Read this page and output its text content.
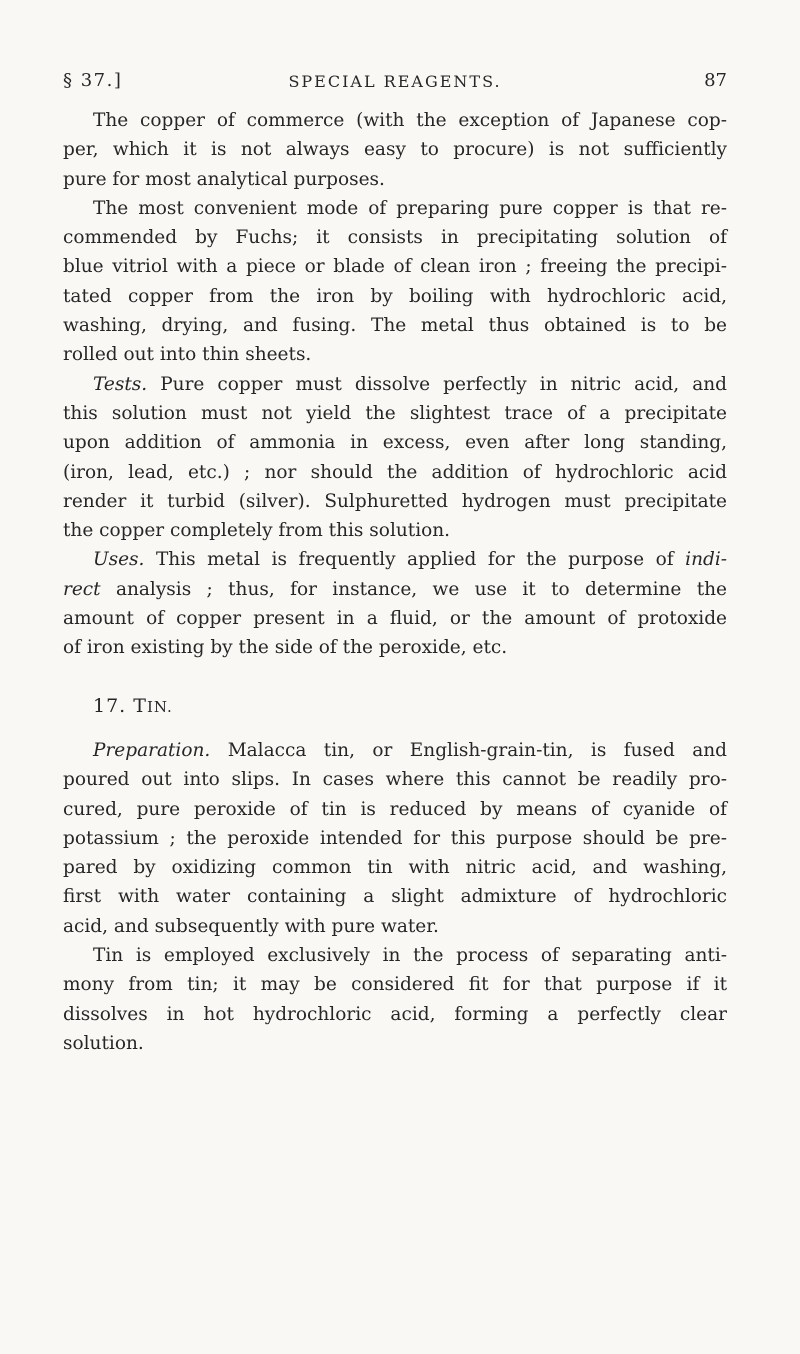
§ 37.]	SPECIAL REAGENTS.	87
The copper of commerce (with the exception of Japanese cop-
per, which it is not always easy to procure) is not sufficiently
pure for most analytical purposes.
The most convenient mode of preparing pure copper is that re-
commended by Fuchs; it consists in precipitating solution of
blue vitriol with a piece or blade of clean iron ; freeing the precipi-
tated copper from the iron by boiling with hydrochloric acid,
washing, drying, and fusing. The metal thus obtained is to be
rolled out into thin sheets.
Tests. Pure copper must dissolve perfectly in nitric acid, and
this solution must not yield the slightest trace of a precipitate
upon addition of ammonia in excess, even after long standing,
(iron, lead, etc.) ; nor should the addition of hydrochloric acid
render it turbid (silver). Sulphuretted hydrogen must precipitate
the copper completely from this solution.
Uses. This metal is frequently applied for the purpose of indi-
rect analysis ; thus, for instance, we use it to determine the
amount of copper present in a fluid, or the amount of protoxide
of iron existing by the side of the peroxide, etc.
17. TIN.
Preparation. Malacca tin, or English-grain-tin, is fused and
poured out into slips. In cases where this cannot be readily pro-
cured, pure peroxide of tin is reduced by means of cyanide of
potassium ; the peroxide intended for this purpose should be pre-
pared by oxidizing common tin with nitric acid, and washing,
first with water containing a slight admixture of hydrochloric
acid, and subsequently with pure water.
Tin is employed exclusively in the process of separating anti-
mony from tin; it may be considered fit for that purpose if it
dissolves in hot hydrochloric acid, forming a perfectly clear
solution.
